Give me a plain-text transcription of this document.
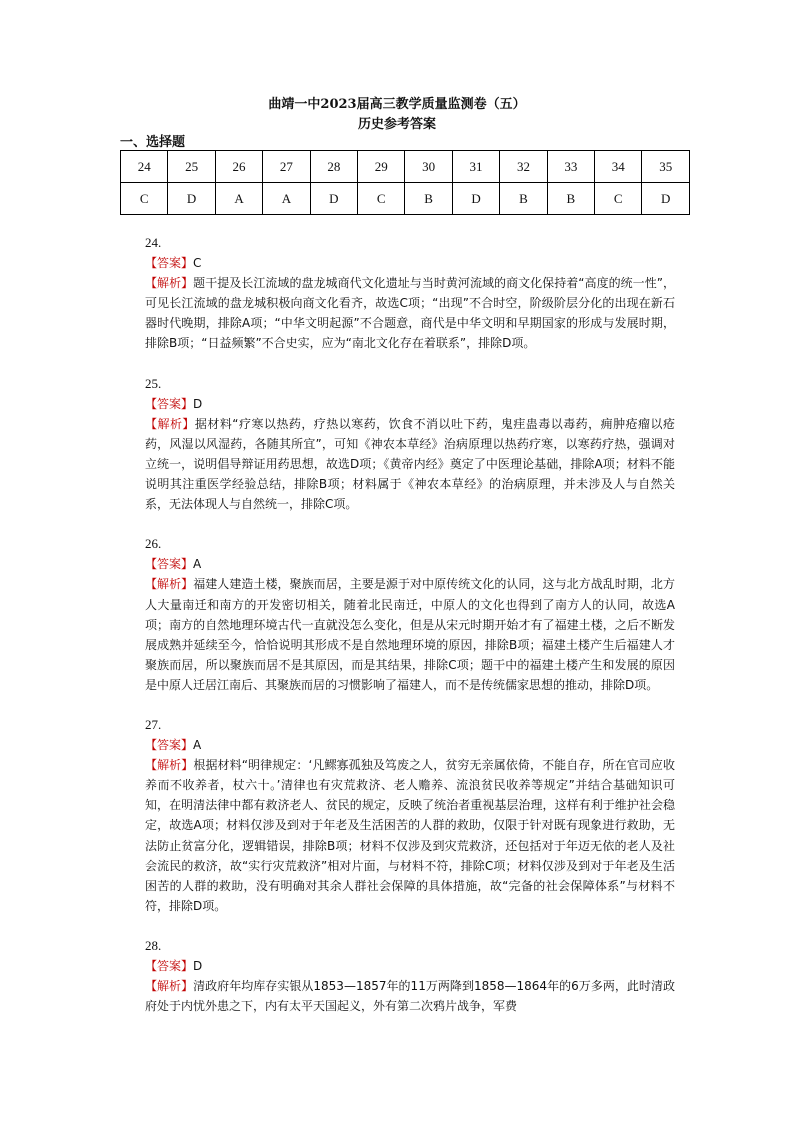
曲靖一中2023届高三教学质量监测卷（五）
历史参考答案
一、选择题
24	25	26	27	28	29	30	31	32	33	34	35
C	D	A	A	D	C	B	D	B	B	C	D
24.
【答案】C
【解析】题干提及长江流域的盘龙城商代文化遗址与当时黄河流域的商文化保持着“高度的统一性”，可见长江流域的盘龙城积极向商文化看齐，故选C项；“出现”不合时空，阶级阶层分化的出现在新石器时代晚期，排除A项；“中华文明起源”不合题意，商代是中华文明和早期国家的形成与发展时期，排除B项；“日益频繁”不合史实，应为“南北文化存在着联系”，排除D项。
25.
【答案】D
【解析】据材料“疗寒以热药，疗热以寒药，饮食不消以吐下药，鬼疰蛊毒以毒药，痈肿疮瘤以疮药，风湿以风湿药，各随其所宜”，可知《神农本草经》治病原理以热药疗寒，以寒药疗热，强调对立统一，说明倡导辩证用药思想，故选D项；《黄帝内经》奠定了中医理论基础，排除A项；材料不能说明其注重医学经验总结，排除B项；材料属于《神农本草经》的治病原理，并未涉及人与自然关系，无法体现人与自然统一，排除C项。
26.
【答案】A
【解析】福建人建造土楼，聚族而居，主要是源于对中原传统文化的认同，这与北方战乱时期，北方人大量南迁和南方的开发密切相关，随着北民南迁，中原人的文化也得到了南方人的认同，故选A项；南方的自然地理环境古代一直就没怎么变化，但是从宋元时期开始才有了福建土楼，之后不断发展成熟并延续至今，恰恰说明其形成不是自然地理环境的原因，排除B项；福建土楼产生后福建人才聚族而居，所以聚族而居不是其原因，而是其结果，排除C项；题干中的福建土楼产生和发展的原因是中原人迁居江南后、其聚族而居的习惯影响了福建人，而不是传统儒家思想的推动，排除D项。
27.
【答案】A
【解析】根据材料“明律规定：‘凡鳏寡孤独及笃废之人，贫穷无亲属依倚，不能自存，所在官司应收养而不收养者，杖六十。’清律也有灾荒救济、老人赡养、流浪贫民收养等规定”并结合基础知识可知，在明清法律中都有救济老人、贫民的规定，反映了统治者重视基层治理，这样有利于维护社会稳定，故选A项；材料仅涉及到对于年老及生活困苦的人群的救助，仅限于针对既有现象进行救助，无法防止贫富分化，逻辑错误，排除B项；材料不仅涉及到灾荒救济，还包括对于年迈无依的老人及社会流民的救济，故“实行灾荒救济”相对片面，与材料不符，排除C项；材料仅涉及到对于年老及生活困苦的人群的救助，没有明确对其余人群社会保障的具体措施，故“完备的社会保障体系”与材料不符，排除D项。
28.
【答案】D
【解析】清政府年均库存实银从1853—1857年的11万两降到1858—1864年的6万多两，此时清政府处于内忧外患之下，内有太平天国起义，外有第二次鸦片战争，军费
